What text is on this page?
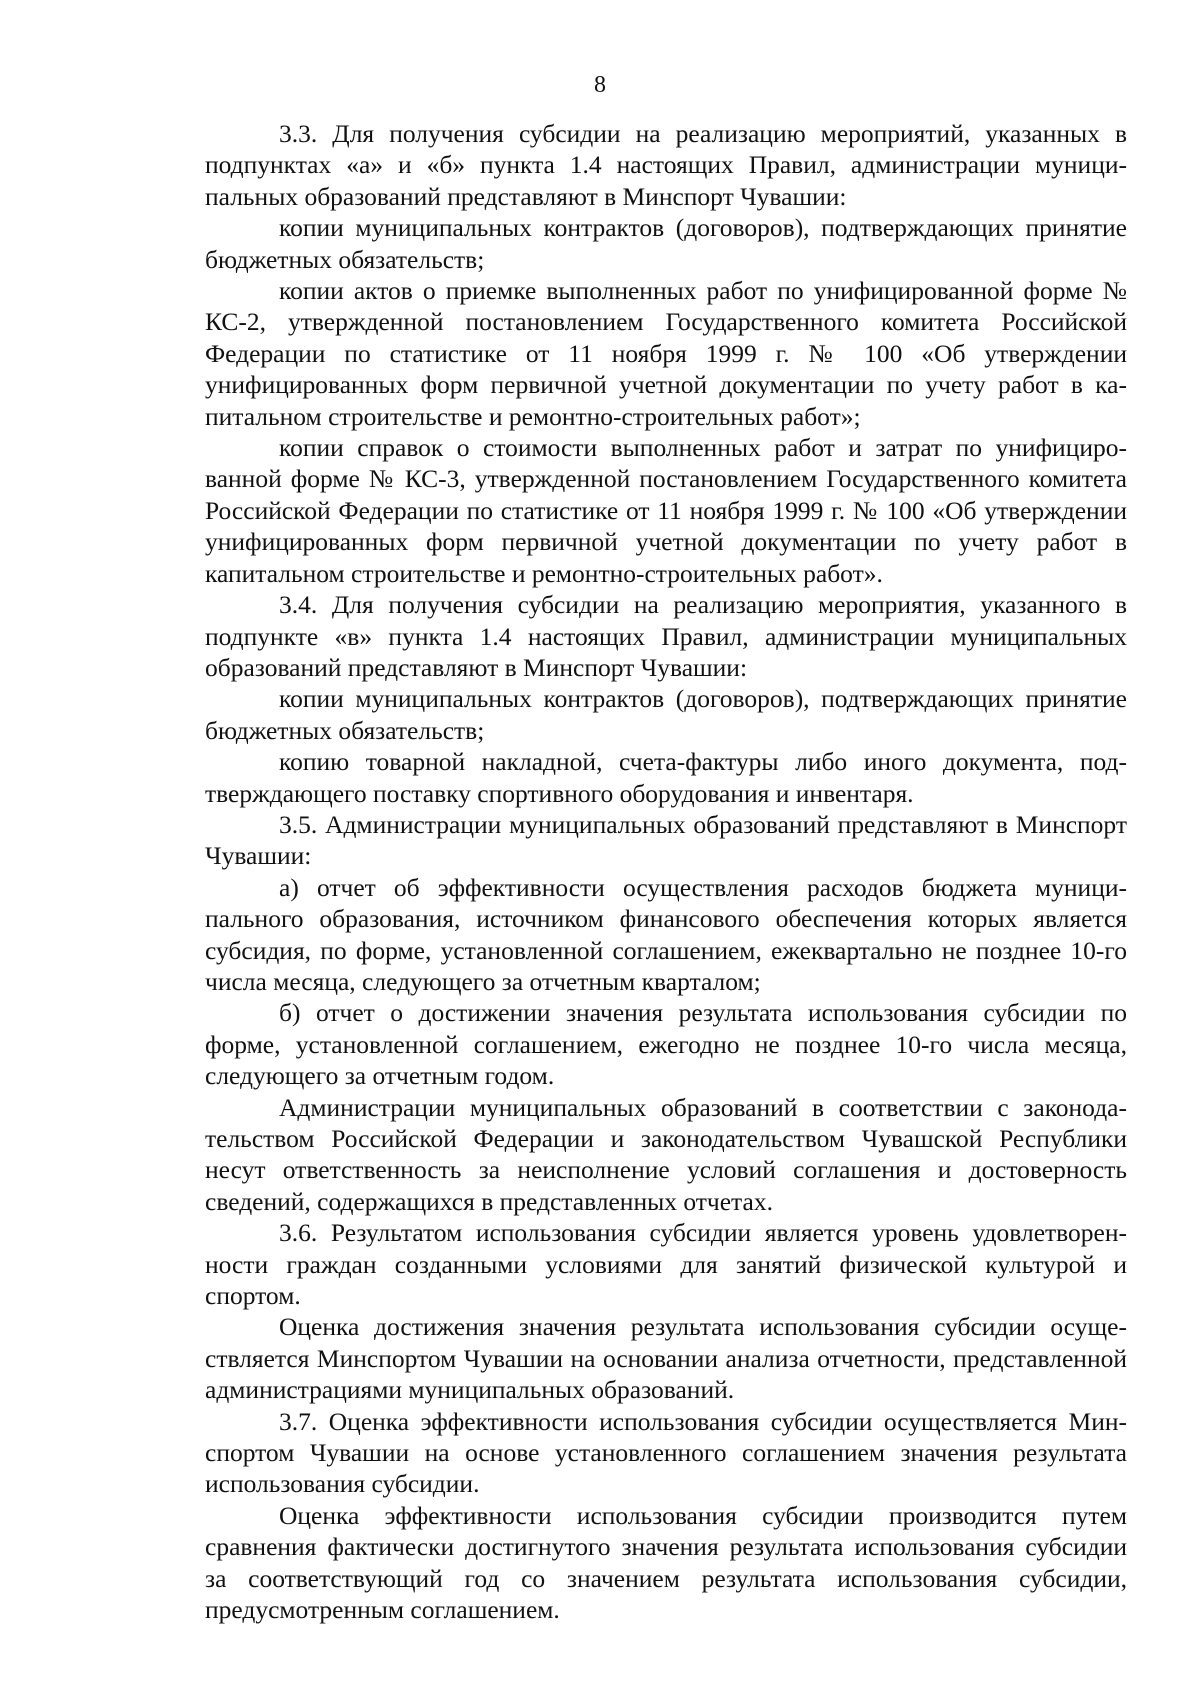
8

3.3. Для получения субсидии на реализацию мероприятий, указанных в подпунктах «а» и «б» пункта 1.4 настоящих Правил, администрации муниципальных образований представляют в Минспорт Чувашии:

копии муниципальных контрактов (договоров), подтверждающих принятие бюджетных обязательств;

копии актов о приемке выполненных работ по унифицированной форме № КС-2, утвержденной постановлением Государственного комитета Российской Федерации по статистике от 11 ноября 1999 г. № 100 «Об утверждении унифицированных форм первичной учетной документации по учету работ в капитальном строительстве и ремонтно-строительных работ»;

копии справок о стоимости выполненных работ и затрат по унифицированной форме № КС-3, утвержденной постановлением Государственного комитета Российской Федерации по статистике от 11 ноября 1999 г. № 100 «Об утверждении унифицированных форм первичной учетной документации по учету работ в капитальном строительстве и ремонтно-строительных работ».

3.4. Для получения субсидии на реализацию мероприятия, указанного в подпункте «в» пункта 1.4 настоящих Правил, администрации муниципальных образований представляют в Минспорт Чувашии:

копии муниципальных контрактов (договоров), подтверждающих принятие бюджетных обязательств;

копию товарной накладной, счета-фактуры либо иного документа, подтверждающего поставку спортивного оборудования и инвентаря.

3.5. Администрации муниципальных образований представляют в Минспорт Чувашии:

а) отчет об эффективности осуществления расходов бюджета муниципального образования, источником финансового обеспечения которых является субсидия, по форме, установленной соглашением, ежеквартально не позднее 10-го числа месяца, следующего за отчетным кварталом;

б) отчет о достижении значения результата использования субсидии по форме, установленной соглашением, ежегодно не позднее 10-го числа месяца, следующего за отчетным годом.

Администрации муниципальных образований в соответствии с законодательством Российской Федерации и законодательством Чувашской Республики несут ответственность за неисполнение условий соглашения и достоверность сведений, содержащихся в представленных отчетах.

3.6. Результатом использования субсидии является уровень удовлетворенности граждан созданными условиями для занятий физической культурой и спортом.

Оценка достижения значения результата использования субсидии осуществляется Минспортом Чувашии на основании анализа отчетности, представленной администрациями муниципальных образований.

3.7. Оценка эффективности использования субсидии осуществляется Минспортом Чувашии на основе установленного соглашением значения результата использования субсидии.

Оценка эффективности использования субсидии производится путем сравнения фактически достигнутого значения результата использования субсидии за соответствующий год со значением результата использования субсидии, предусмотренным соглашением.
